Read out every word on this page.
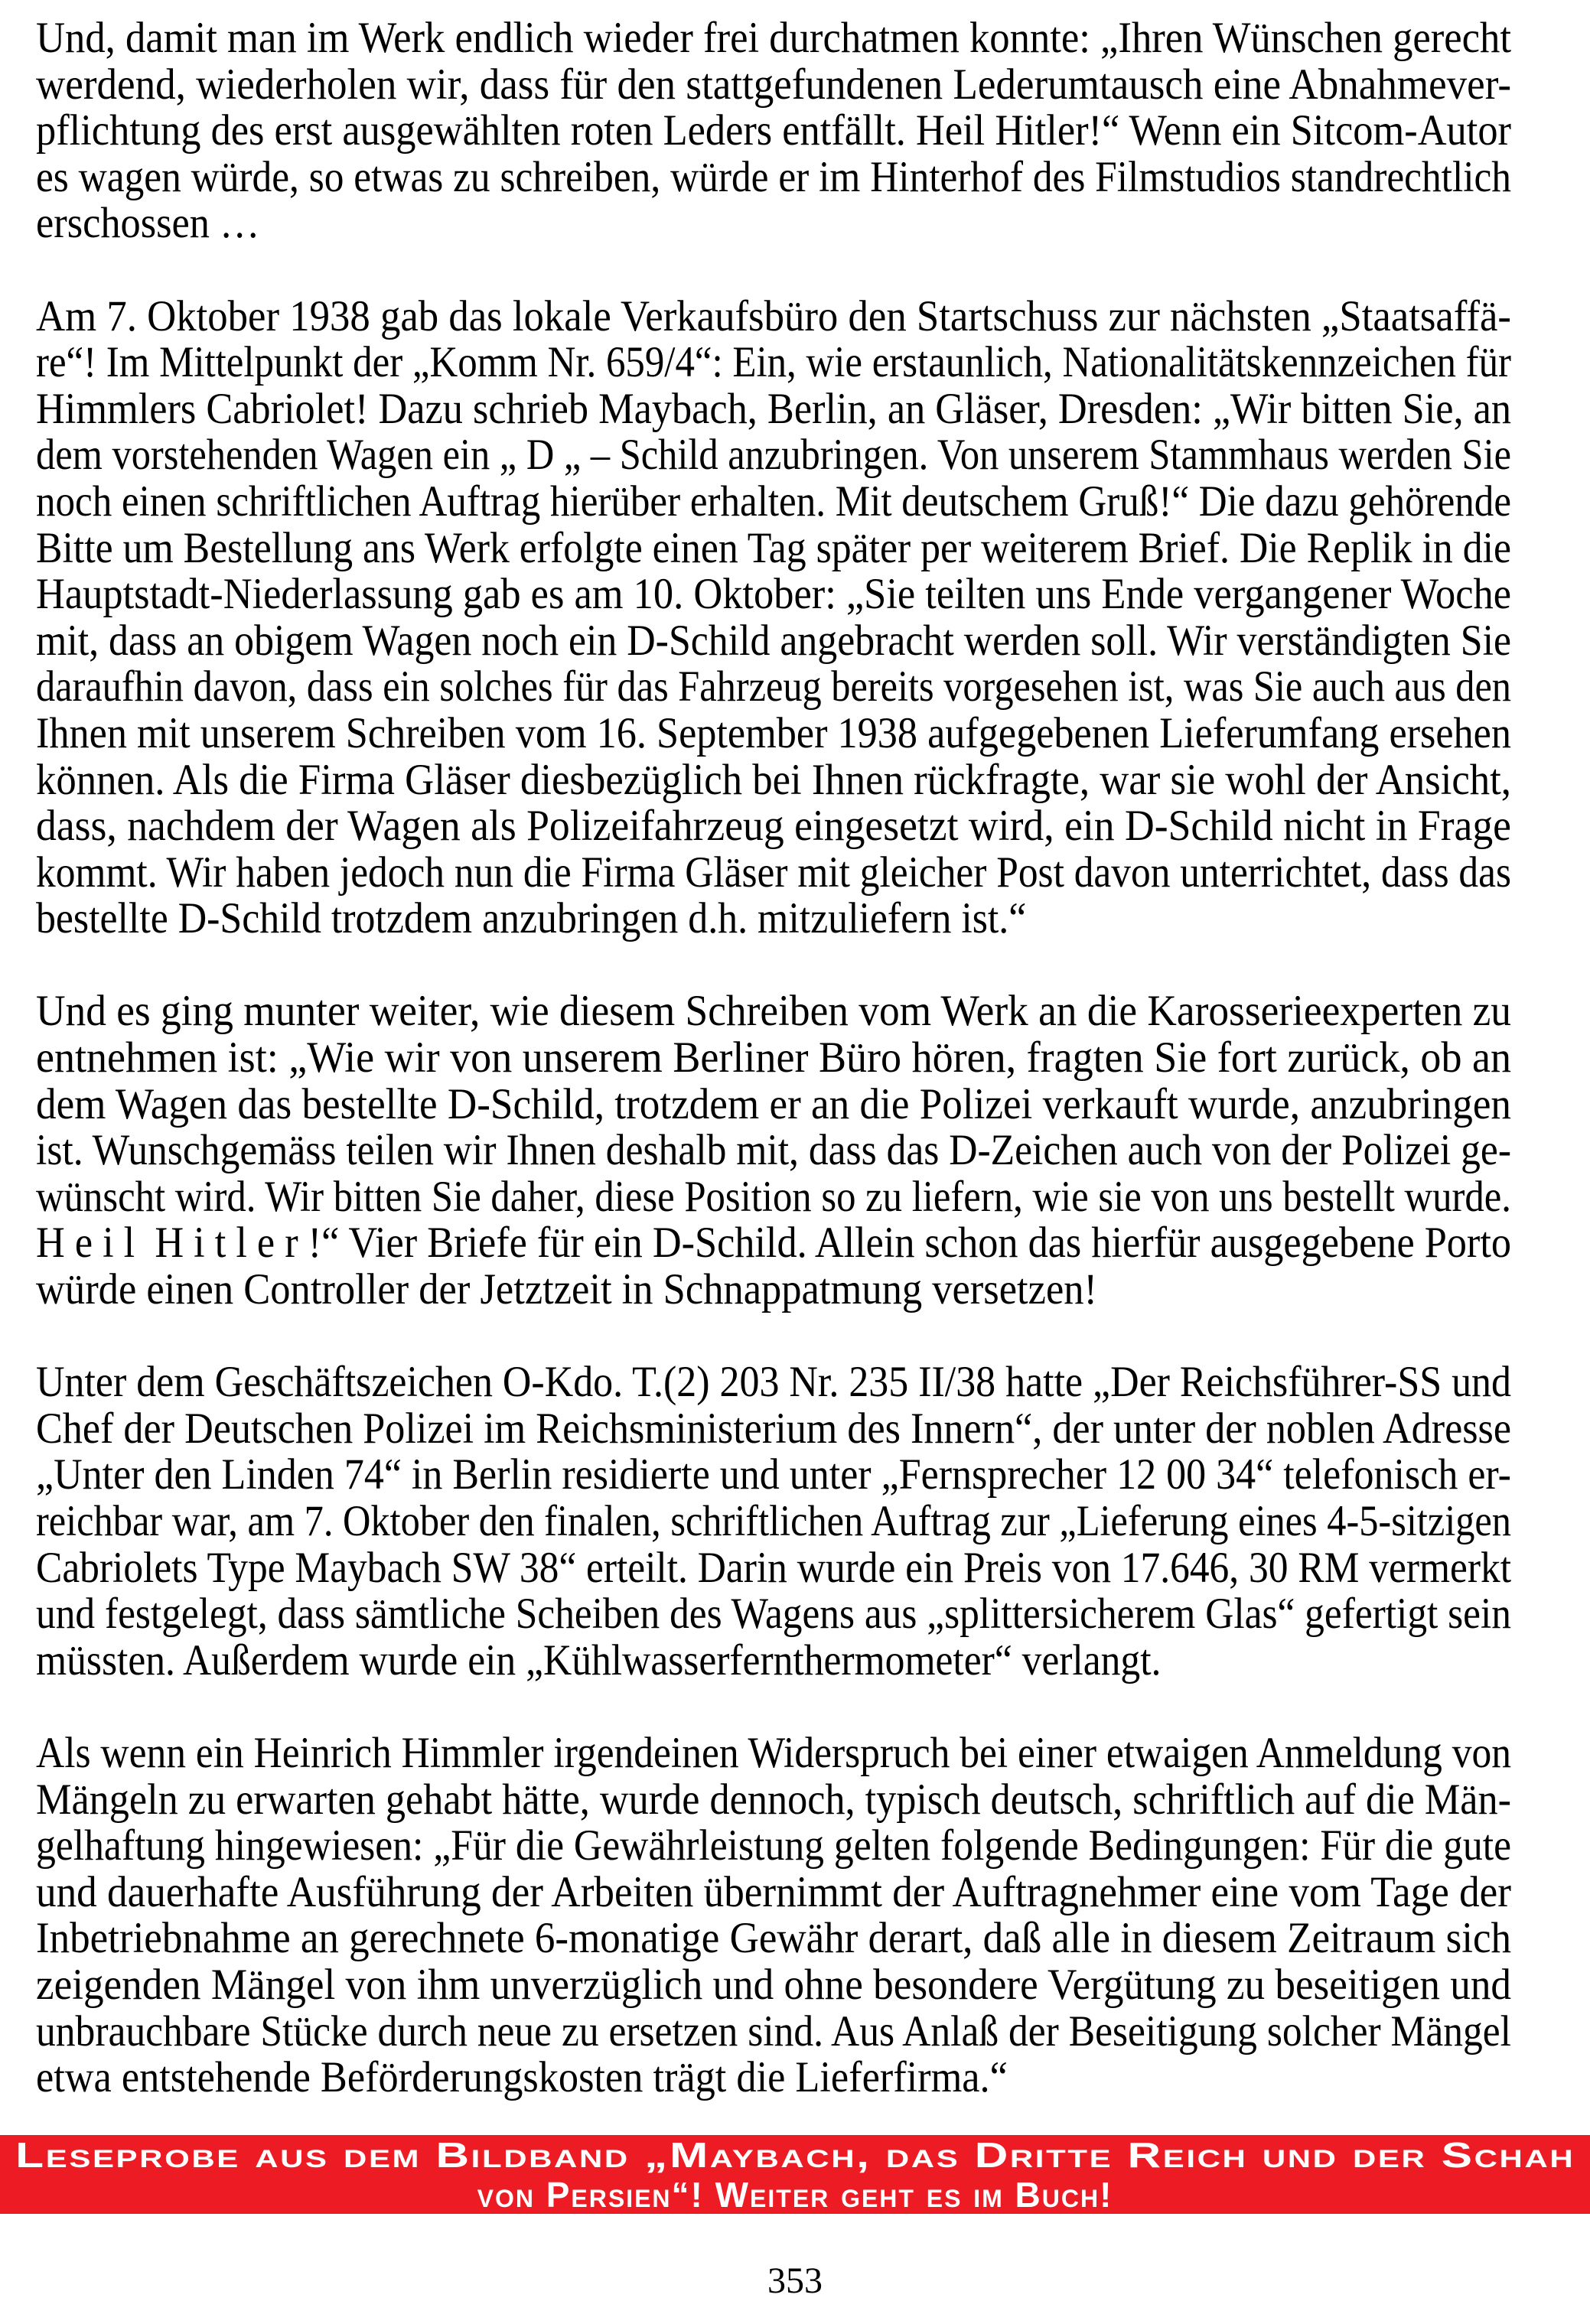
Und, damit man im Werk endlich wieder frei durchatmen konnte: „Ihren Wünschen gerecht
werdend, wiederholen wir, dass für den stattgefundenen Lederumtausch eine Abnahmever-
pflichtung des erst ausgewählten roten Leders entfällt. Heil Hitler!“ Wenn ein Sitcom-Autor
es wagen würde, so etwas zu schreiben, würde er im Hinterhof des Filmstudios standrechtlich
erschossen …
Am 7. Oktober 1938 gab das lokale Verkaufsbüro den Startschuss zur nächsten „Staatsaffä-
re“! Im Mittelpunkt der „Komm Nr. 659/4“: Ein, wie erstaunlich, Nationalitätskennzeichen für
Himmlers Cabriolet! Dazu schrieb Maybach, Berlin, an Gläser, Dresden: „Wir bitten Sie, an
dem vorstehenden Wagen ein „ D „ – Schild anzubringen. Von unserem Stammhaus werden Sie
noch einen schriftlichen Auftrag hierüber erhalten. Mit deutschem Gruß!“ Die dazu gehörende
Bitte um Bestellung ans Werk erfolgte einen Tag später per weiterem Brief. Die Replik in die
Hauptstadt-Niederlassung gab es am 10. Oktober: „Sie teilten uns Ende vergangener Woche
mit, dass an obigem Wagen noch ein D-Schild angebracht werden soll. Wir verständigten Sie
daraufhin davon, dass ein solches für das Fahrzeug bereits vorgesehen ist, was Sie auch aus den
Ihnen mit unserem Schreiben vom 16. September 1938 aufgegebenen Lieferumfang ersehen
können. Als die Firma Gläser diesbezüglich bei Ihnen rückfragte, war sie wohl der Ansicht,
dass, nachdem der Wagen als Polizeifahrzeug eingesetzt wird, ein D-Schild nicht in Frage
kommt. Wir haben jedoch nun die Firma Gläser mit gleicher Post davon unterrichtet, dass das
bestellte D-Schild trotzdem anzubringen d.h. mitzuliefern ist.“
Und es ging munter weiter, wie diesem Schreiben vom Werk an die Karosserieexperten zu
entnehmen ist: „Wie wir von unserem Berliner Büro hören, fragten Sie fort zurück, ob an
dem Wagen das bestellte D-Schild, trotzdem er an die Polizei verkauft wurde, anzubringen
ist. Wunschgemäss teilen wir Ihnen deshalb mit, dass das D-Zeichen auch von der Polizei ge-
wünscht wird. Wir bitten Sie daher, diese Position so zu liefern, wie sie von uns bestellt wurde.
H e i l  H i t l e r !“ Vier Briefe für ein D-Schild. Allein schon das hierfür ausgegebene Porto
würde einen Controller der Jetztzeit in Schnappatmung versetzen!
Unter dem Geschäftszeichen O-Kdo. T.(2) 203 Nr. 235 II/38 hatte „Der Reichsführer-SS und
Chef der Deutschen Polizei im Reichsministerium des Innern“, der unter der noblen Adresse
„Unter den Linden 74“ in Berlin residierte und unter „Fernsprecher 12 00 34“ telefonisch er-
reichbar war, am 7. Oktober den finalen, schriftlichen Auftrag zur „Lieferung eines 4-5-sitzigen
Cabriolets Type Maybach SW 38“ erteilt. Darin wurde ein Preis von 17.646, 30 RM vermerkt
und festgelegt, dass sämtliche Scheiben des Wagens aus „splittersicherem Glas“ gefertigt sein
müssten. Außerdem wurde ein „Kühlwasserfernthermometer“ verlangt.
Als wenn ein Heinrich Himmler irgendeinen Widerspruch bei einer etwaigen Anmeldung von
Mängeln zu erwarten gehabt hätte, wurde dennoch, typisch deutsch, schriftlich auf die Män-
gelhaftung hingewiesen: „Für die Gewährleistung gelten folgende Bedingungen: Für die gute
und dauerhafte Ausführung der Arbeiten übernimmt der Auftragnehmer eine vom Tage der
Inbetriebnahme an gerechnete 6-monatige Gewähr derart, daß alle in diesem Zeitraum sich
zeigenden Mängel von ihm unverzüglich und ohne besondere Vergütung zu beseitigen und
unbrauchbare Stücke durch neue zu ersetzen sind. Aus Anlaß der Beseitigung solcher Mängel
etwa entstehende Beförderungskosten trägt die Lieferfirma.“
Leseprobe aus dem Bildband „Maybach, das Dritte Reich und der Schah
von Persien“! Weiter geht es im Buch!
353
